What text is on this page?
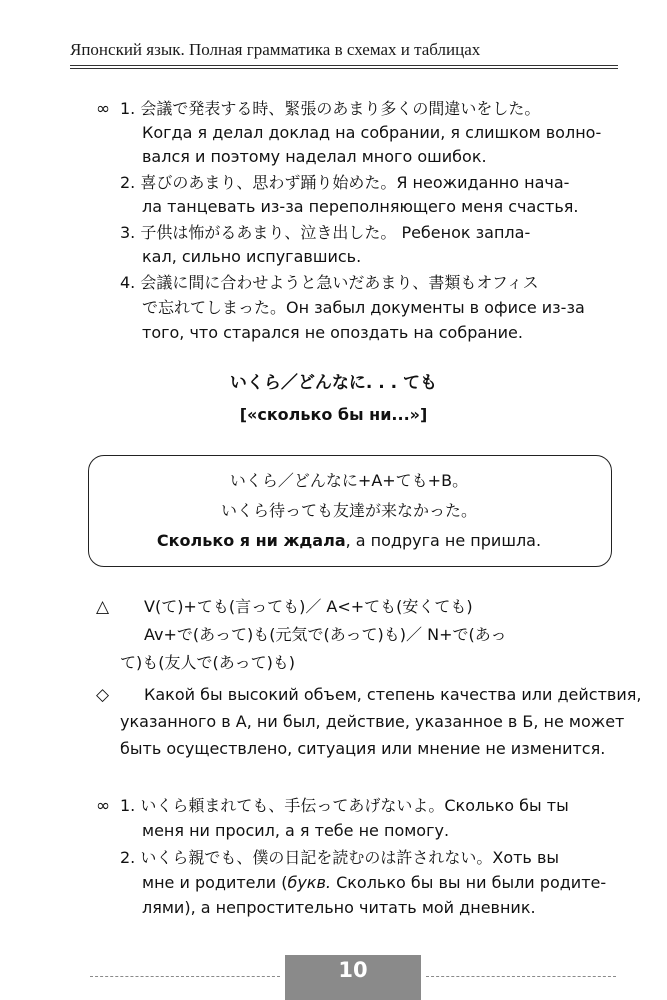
Японский язык. Полная грамматика в схемах и таблицах
∞ 1. 会議で発表する時、緊張のあまり多くの間違いをした。
Когда я делал доклад на собрании, я слишком волно-
вался и поэтому наделал много ошибок.
2. 喜びのあまり、思わず踊り始めた。Я неожиданно нача-
ла танцевать из-за переполняющего меня счастья.
3. 子供は怖がるあまり、泣き出した。 Ребенок запла-
кал, сильно испугавшись.
4. 会議に間に合わせようと急いだあまり、書類もオフィス
で忘れてしまった。Он забыл документы в офисе из-за
того, что старался не опоздать на собрание.
いくら／どんなに. . . ても
[«сколько бы ни...»]
いくら／どんなに+A+ても+B。
いくら待っても友達が来なかった。
Сколько я ни ждала, а подруга не пришла.
△ V(て)+ても(言っても)／ A<+ても(安くても)
Av+で(あって)も(元気で(あって)も)／ N+で(あっ
て)も(友人で(あって)も)
◇ Какой бы высокий объем, степень качества или действия,
указанного в А, ни был, действие, указанное в Б, не может
быть осуществлено, ситуация или мнение не изменится.
∞ 1. いくら頼まれても、手伝ってあげないよ。Сколько бы ты
меня ни просил, а я тебе не помогу.
2. いくら親でも、僕の日記を読むのは許されない。Хоть вы
мне и родители (букв. Сколько бы вы ни были родите-
лями), а непростительно читать мой дневник.
10
